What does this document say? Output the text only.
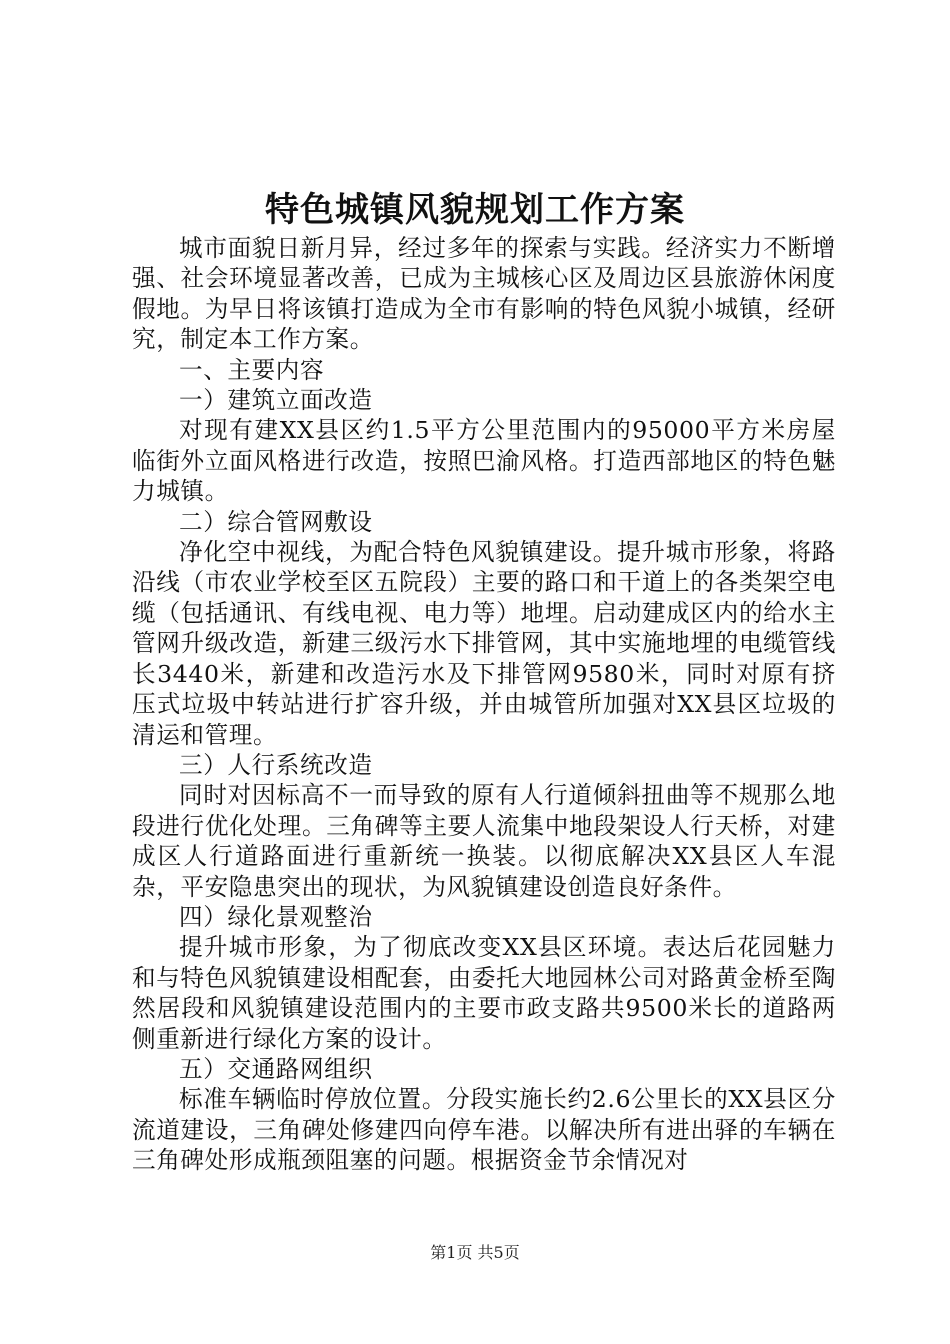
特色城镇风貌规划工作方案

城市面貌日新月异，经过多年的探索与实践。经济实力不断增强、社会环境显著改善，已成为主城核心区及周边区县旅游休闲度假地。为早日将该镇打造成为全市有影响的特色风貌小城镇，经研究，制定本工作方案。

一、主要内容

一）建筑立面改造

对现有建XX县区约1.5平方公里范围内的95000平方米房屋临街外立面风格进行改造，按照巴渝风格。打造西部地区的特色魅力城镇。

二）综合管网敷设

净化空中视线，为配合特色风貌镇建设。提升城市形象，将路沿线（市农业学校至区五院段）主要的路口和干道上的各类架空电缆（包括通讯、有线电视、电力等）地埋。启动建成区内的给水主管网升级改造，新建三级污水下排管网，其中实施地埋的电缆管线长3440米，新建和改造污水及下排管网9580米，同时对原有挤压式垃圾中转站进行扩容升级，并由城管所加强对XX县区垃圾的清运和管理。

三）人行系统改造

同时对因标高不一而导致的原有人行道倾斜扭曲等不规那么地段进行优化处理。三角碑等主要人流集中地段架设人行天桥，对建成区人行道路面进行重新统一换装。以彻底解决XX县区人车混杂，平安隐患突出的现状，为风貌镇建设创造良好条件。

四）绿化景观整治

提升城市形象，为了彻底改变XX县区环境。表达后花园魅力和与特色风貌镇建设相配套，由委托大地园林公司对路黄金桥至陶然居段和风貌镇建设范围内的主要市政支路共9500米长的道路两侧重新进行绿化方案的设计。

五）交通路网组织

标准车辆临时停放位置。分段实施长约2.6公里长的XX县区分流道建设，三角碑处修建四向停车港。以解决所有进出驿的车辆在三角碑处形成瓶颈阻塞的问题。根据资金节余情况对

第1页 共5页
